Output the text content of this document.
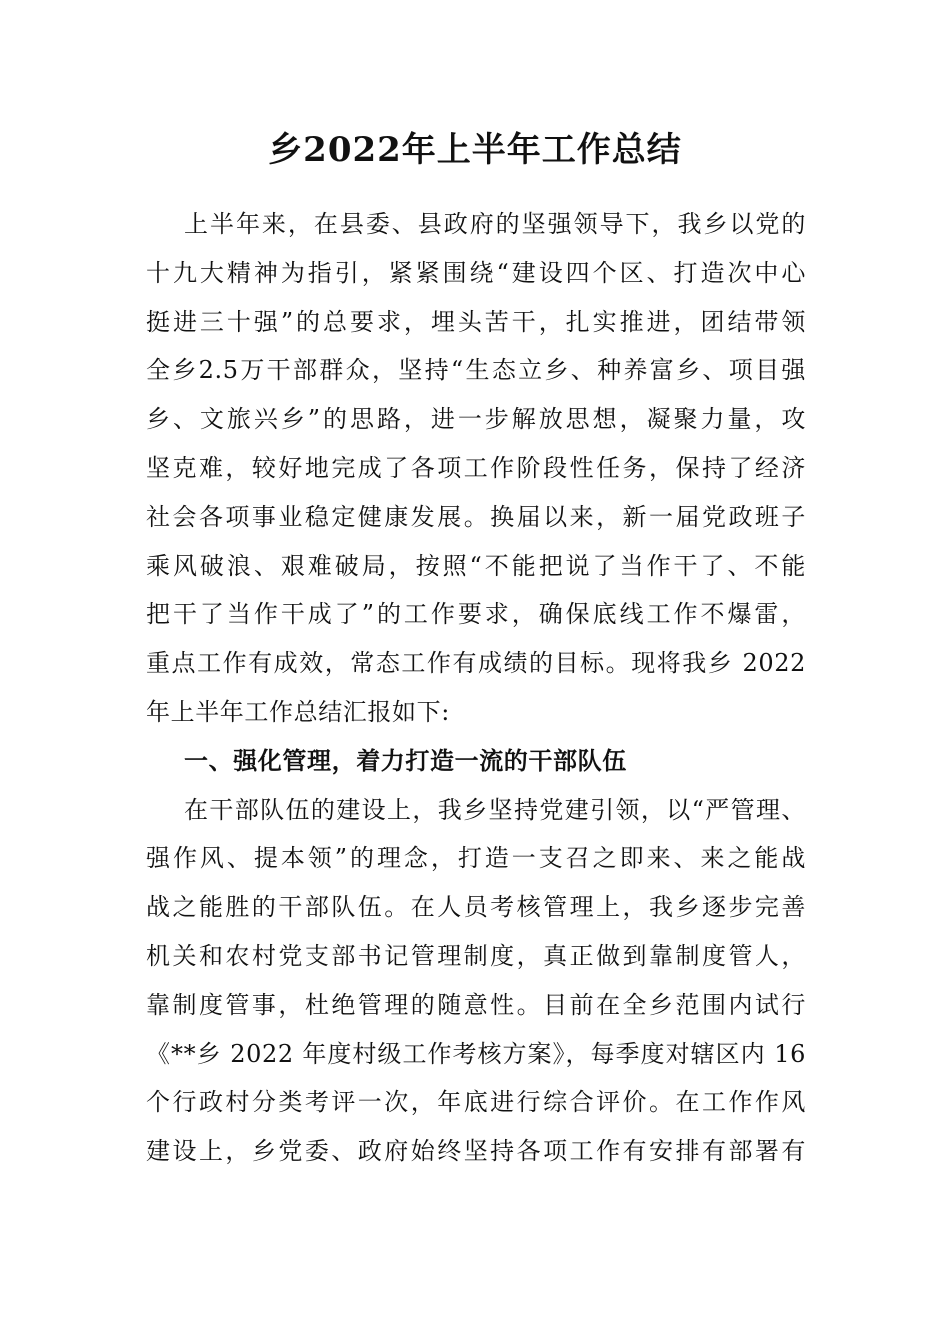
乡2022年上半年工作总结
上半年来，在县委、县政府的坚强领导下，我乡以党的
十九大精神为指引，紧紧围绕“建设四个区、打造次中心
挺进三十强”的总要求，埋头苦干，扎实推进，团结带领
全乡2.5万干部群众，坚持“生态立乡、种养富乡、项目强
乡、文旅兴乡”的思路，进一步解放思想，凝聚力量，攻
坚克难，较好地完成了各项工作阶段性任务，保持了经济
社会各项事业稳定健康发展。换届以来，新一届党政班子
乘风破浪、艰难破局，按照“不能把说了当作干了、不能
把干了当作干成了”的工作要求，确保底线工作不爆雷，
重点工作有成效，常态工作有成绩的目标。现将我乡 2022
年上半年工作总结汇报如下:
一、强化管理，着力打造一流的干部队伍
在干部队伍的建设上，我乡坚持党建引领，以“严管理、
强作风、提本领”的理念，打造一支召之即来、来之能战
战之能胜的干部队伍。在人员考核管理上，我乡逐步完善
机关和农村党支部书记管理制度，真正做到靠制度管人，
靠制度管事，杜绝管理的随意性。目前在全乡范围内试行
《**乡 2022 年度村级工作考核方案》，每季度对辖区内 16
个行政村分类考评一次，年底进行综合评价。在工作作风
建设上，乡党委、政府始终坚持各项工作有安排有部署有
